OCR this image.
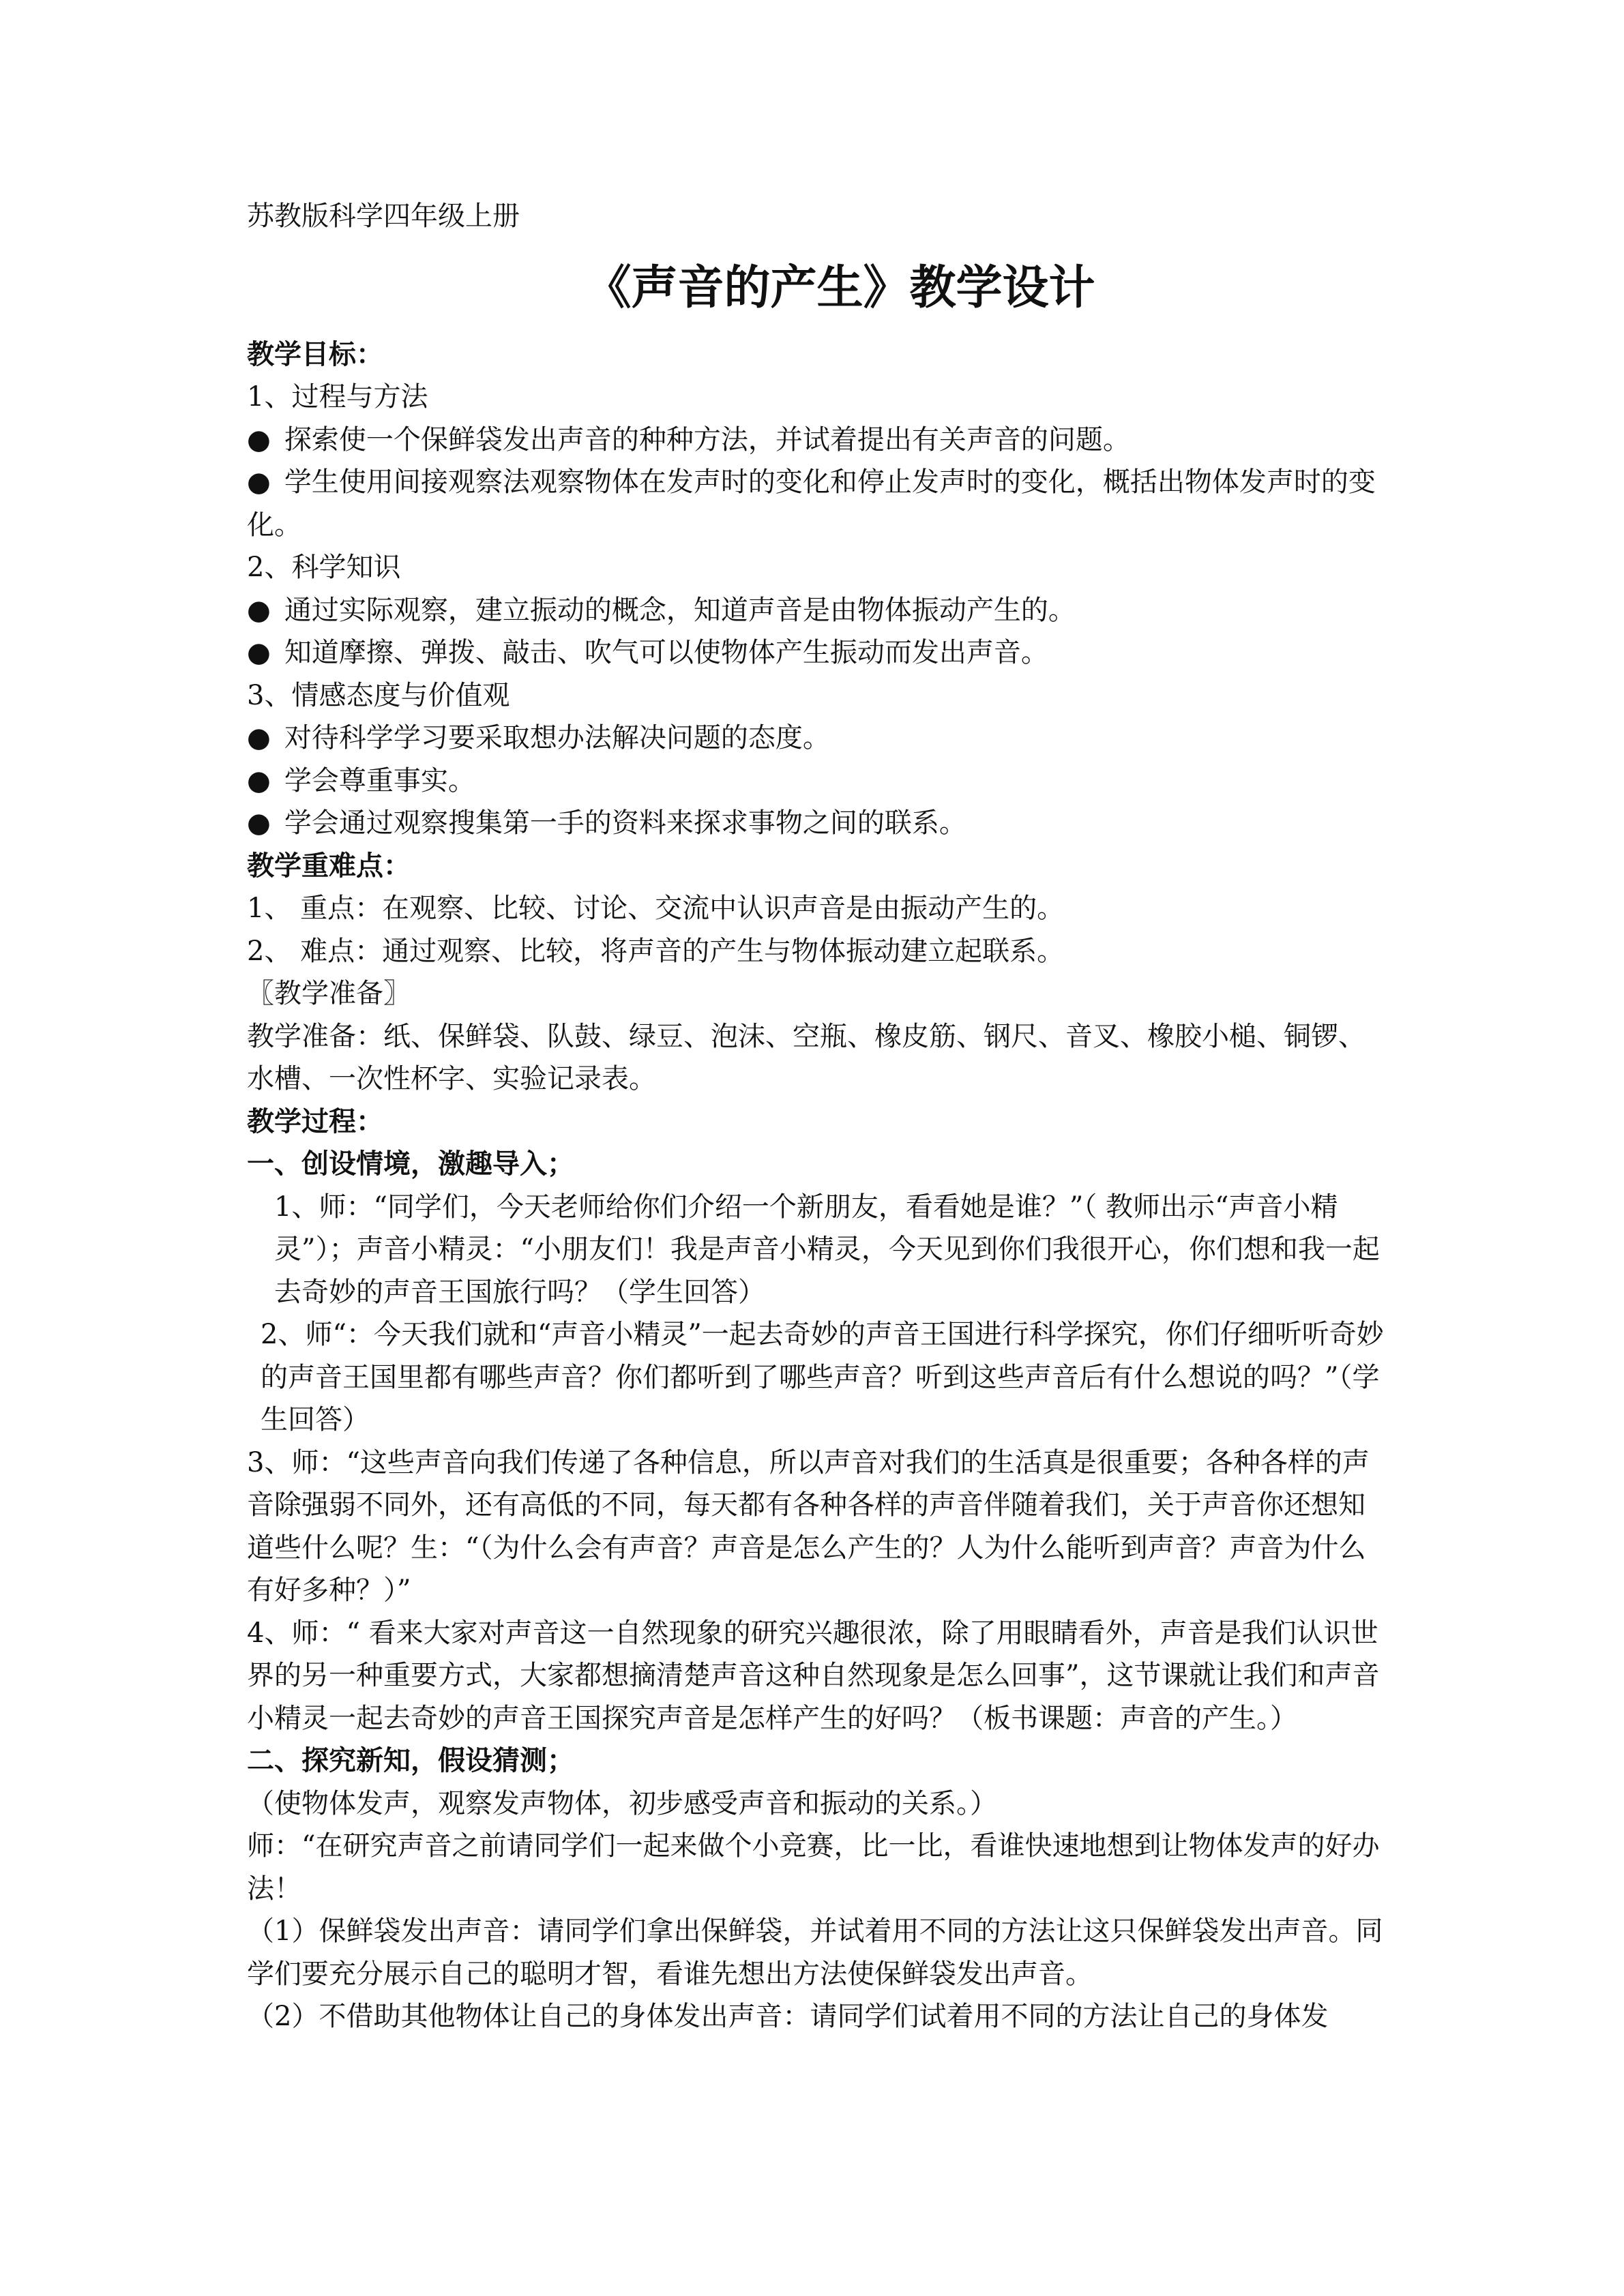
苏教版科学四年级上册
《声音的产生》教学设计
教学目标：
1、过程与方法
● 探索使一个保鲜袋发出声音的种种方法，并试着提出有关声音的问题。
● 学生使用间接观察法观察物体在发声时的变化和停止发声时的变化，概括出物体发声时的变化。
2、科学知识
● 通过实际观察，建立振动的概念，知道声音是由物体振动产生的。
● 知道摩擦、弹拨、敲击、吹气可以使物体产生振动而发出声音。
3、情感态度与价值观
● 对待科学学习要采取想办法解决问题的态度。
● 学会尊重事实。
● 学会通过观察搜集第一手的资料来探求事物之间的联系。
教学重难点：
1、 重点：在观察、比较、讨论、交流中认识声音是由振动产生的。
2、 难点：通过观察、比较，将声音的产生与物体振动建立起联系。
〖教学准备〗
教学准备：纸、保鲜袋、队鼓、绿豆、泡沫、空瓶、橡皮筋、钢尺、音叉、橡胶小槌、铜锣、水槽、一次性杯字、实验记录表。
教学过程：
一、创设情境，激趣导入；
1、师：“同学们，今天老师给你们介绍一个新朋友，看看她是谁？”（ 教师出示“声音小精灵”）；声音小精灵：“小朋友们！我是声音小精灵，今天见到你们我很开心，你们想和我一起去奇妙的声音王国旅行吗？（学生回答）
2、师“：今天我们就和“声音小精灵”一起去奇妙的声音王国进行科学探究，你们仔细听听奇妙的声音王国里都有哪些声音？你们都听到了哪些声音？听到这些声音后有什么想说的吗？”（学生回答）
3、师：“这些声音向我们传递了各种信息，所以声音对我们的生活真是很重要；各种各样的声音除强弱不同外，还有高低的不同，每天都有各种各样的声音伴随着我们，关于声音你还想知道些什么呢？生：“（为什么会有声音？声音是怎么产生的？人为什么能听到声音？声音为什么有好多种？）”
4、师：“ 看来大家对声音这一自然现象的研究兴趣很浓，除了用眼睛看外，声音是我们认识世界的另一种重要方式，大家都想摘清楚声音这种自然现象是怎么回事”，这节课就让我们和声音小精灵一起去奇妙的声音王国探究声音是怎样产生的好吗？（板书课题：声音的产生。）
二、探究新知，假设猜测；
（使物体发声，观察发声物体，初步感受声音和振动的关系。）
师：“在研究声音之前请同学们一起来做个小竞赛，比一比，看谁快速地想到让物体发声的好办法！
（1）保鲜袋发出声音：请同学们拿出保鲜袋，并试着用不同的方法让这只保鲜袋发出声音。同学们要充分展示自己的聪明才智，看谁先想出方法使保鲜袋发出声音。
（2）不借助其他物体让自己的身体发出声音：请同学们试着用不同的方法让自己的身体发
